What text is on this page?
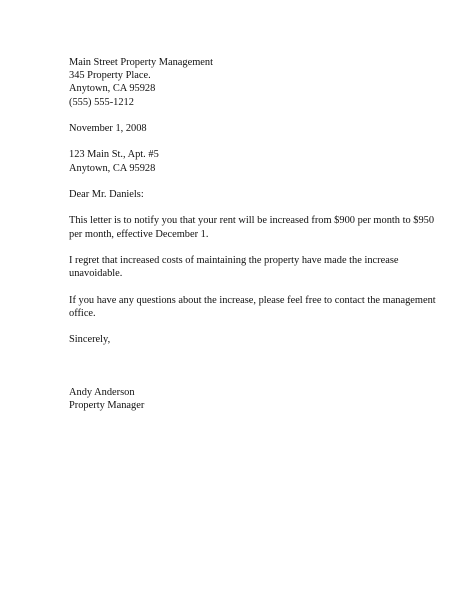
Main Street Property Management
345 Property Place.
Anytown, CA 95928
(555) 555-1212
November 1, 2008
123 Main St., Apt. #5
Anytown, CA 95928
Dear Mr. Daniels:
This letter is to notify you that your rent will be increased from $900 per month to $950
per month, effective December 1.
I regret that increased costs of maintaining the property have made the increase
unavoidable.
If you have any questions about the increase, please feel free to contact the management
office.
Sincerely,
Andy Anderson
Property Manager
